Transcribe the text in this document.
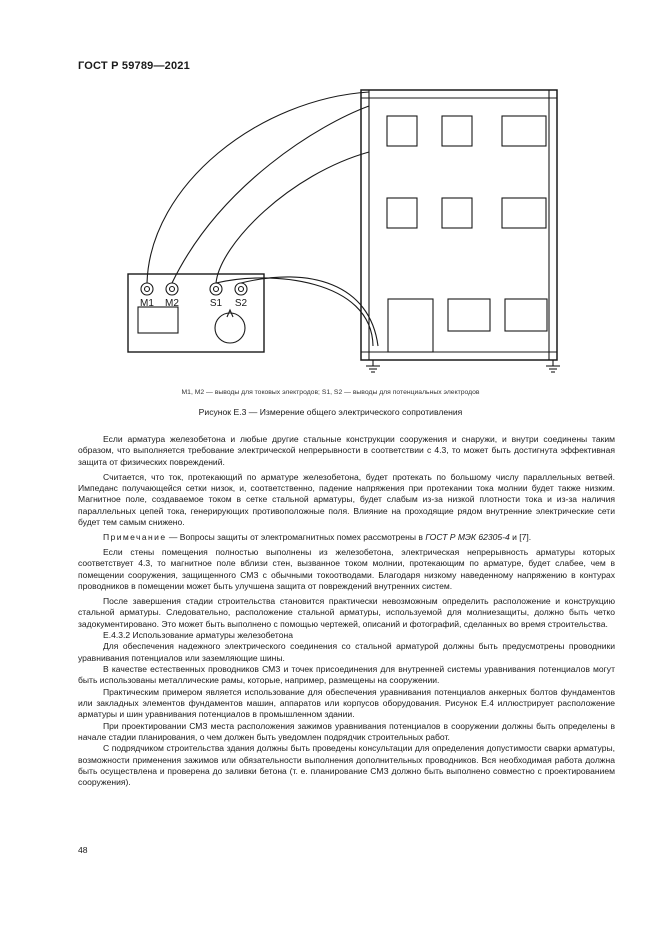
ГОСТ Р 59789—2021
M1 M2	S1 S2
M1, M2 — выводы для токовых электродов; S1, S2 — выводы для потенциальных электродов
Рисунок Е.3 — Измерение общего электрического сопротивления

Если арматура железобетона и любые другие стальные конструкции сооружения и снаружи, и внутри соединены таким образом, что выполняется требование электрической непрерывности в соответствии с 4.3, то может быть достигнута эффективная защита от физических повреждений.

Считается, что ток, протекающий по арматуре железобетона, будет протекать по большому числу параллельных ветвей. Импеданс получающейся сетки низок, и, соответственно, падение напряжения при протекании тока молнии будет также низким. Магнитное поле, создаваемое током в сетке стальной арматуры, будет слабым из-за низкой плотности тока и из-за наличия параллельных цепей тока, генерирующих противоположные поля. Влияние на проходящие рядом внутренние электрические сети будет тем самым снижено.

Примечание — Вопросы защиты от электромагнитных помех рассмотрены в ГОСТ Р МЭК 62305-4 и [7].

Если стены помещения полностью выполнены из железобетона, электрическая непрерывность арматуры которых соответствует 4.3, то магнитное поле вблизи стен, вызванное током молнии, протекающим по арматуре, будет слабее, чем в помещении сооружения, защищенного СМЗ с обычными токоотводами. Благодаря низкому наведенному напряжению в контурах проводников в помещении может быть улучшена защита от повреждений внутренних систем.

После завершения стадии строительства становится практически невозможным определить расположение и конструкцию стальной арматуры. Следовательно, расположение стальной арматуры, используемой для молниезащиты, должно быть четко задокументировано. Это может быть выполнено с помощью чертежей, описаний и фотографий, сделанных во время строительства.

Е.4.3.2 Использование арматуры железобетона

Для обеспечения надежного электрического соединения со стальной арматурой должны быть предусмотрены проводники уравнивания потенциалов или заземляющие шины.

В качестве естественных проводников СМЗ и точек присоединения для внутренней системы уравнивания потенциалов могут быть использованы металлические рамы, которые, например, размещены на сооружении.

Практическим примером является использование для обеспечения уравнивания потенциалов анкерных болтов фундаментов или закладных элементов фундаментов машин, аппаратов или корпусов оборудования. Рисунок Е.4 иллюстрирует расположение арматуры и шин уравнивания потенциалов в промышленном здании.

При проектировании СМЗ места расположения зажимов уравнивания потенциалов в сооружении должны быть определены в начале стадии планирования, о чем должен быть уведомлен подрядчик строительных работ.

С подрядчиком строительства здания должны быть проведены консультации для определения допустимости сварки арматуры, возможности применения зажимов или обязательности выполнения дополнительных проводников. Вся необходимая работа должна быть осуществлена и проверена до заливки бетона (т. е. планирование СМЗ должно быть выполнено совместно с проектированием сооружения).

48
